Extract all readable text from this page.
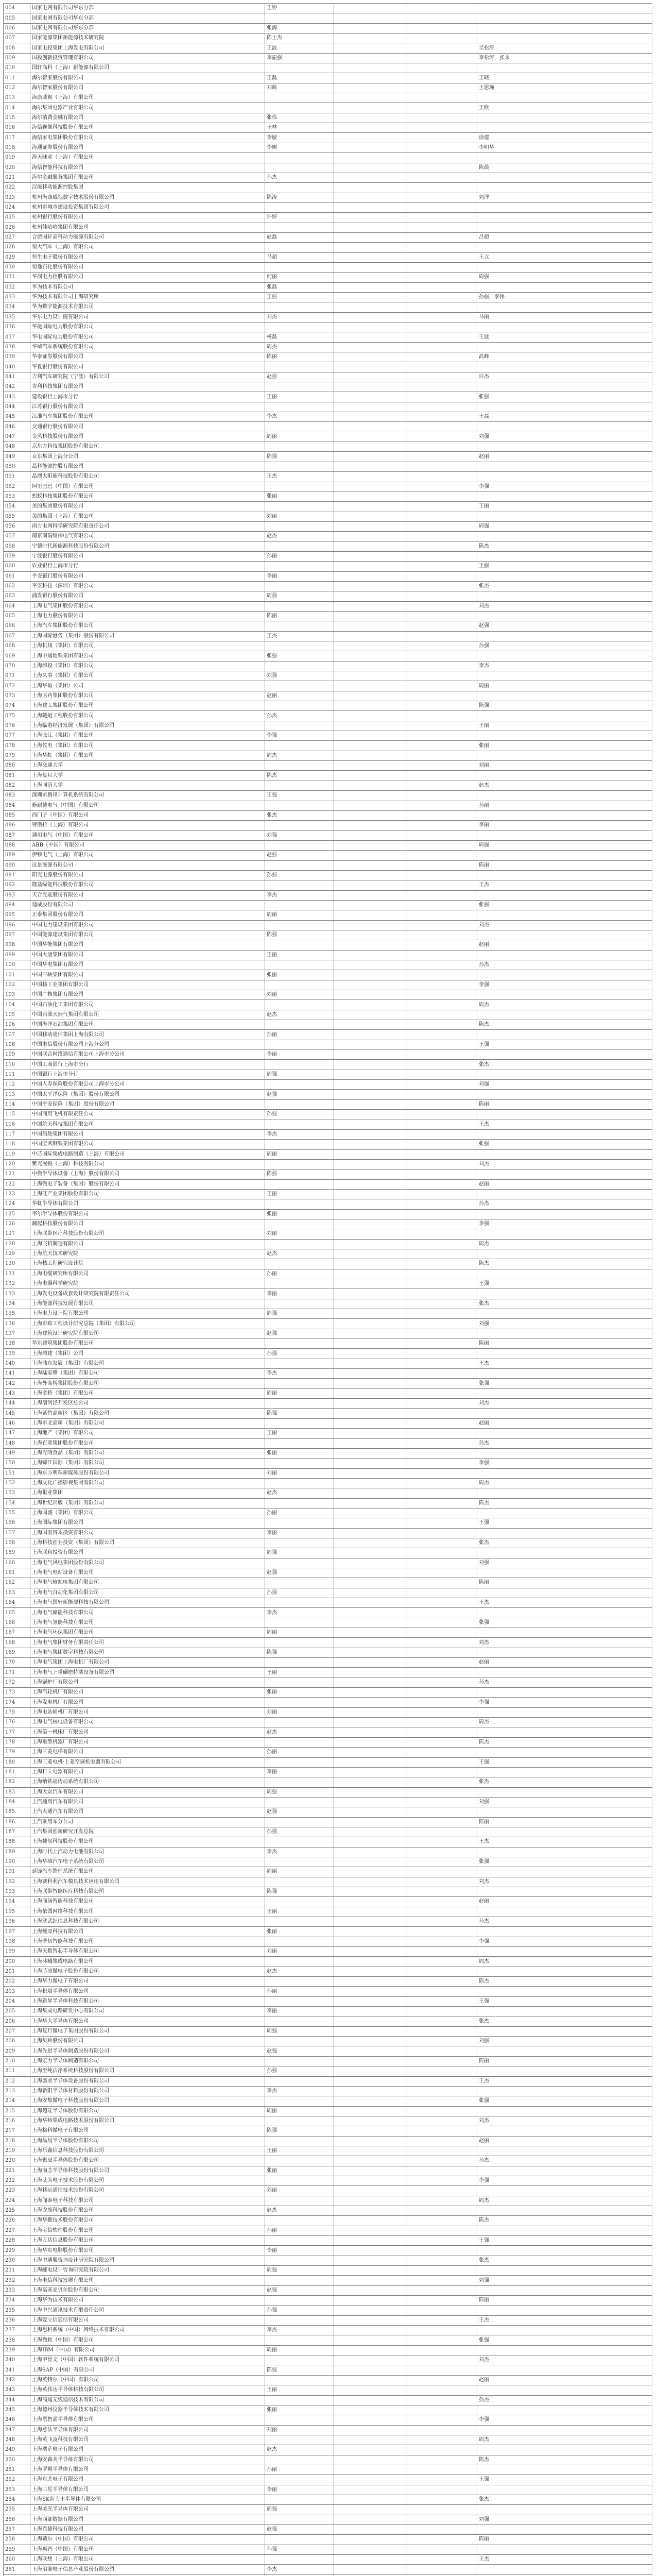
004	国家电网有限公司华东分部	王婷			
005	国家电网有限公司华东分部				
006	国家电网有限公司华东分部	张海			
007	国家能源集团新能源技术研究院	陈士杰			
008	国家电投集团上海发电有限公司	王波			吴松涛
009	国投创新投资管理有限公司	李振强			李松涛，张永
010	国轩高科（上海）新能源有限公司				
011	海尔智家股份有限公司	王磊			王晓
012	海尔智家股份有限公司	刘辉			王思瑾
013	海康威视（上海）有限公司				
014	海尔集团电器产业有限公司				王欣
015	海尔消费金融有限公司	张伟			
016	海信视像科技股份有限公司	王林			
017	海信家电集团股份有限公司	李敏			徐建
018	海通证券股份有限公司	李刚			李明华
019	海天味业（上海）有限公司				
020	海信智能科技有限公司				陈晨
021	海尔金融服务集团有限公司	孙杰			
022	汉能移动能源控股集团				
023	杭州海康威视数字技术股份有限公司	陈涛			刘洋
024	杭州市城市建设投资集团有限公司				
025	杭州银行股份有限公司	许婷			
026	杭州娃哈哈集团有限公司				
027	合肥国轩高科动力能源有限公司	赵磊			吕超
028	恒大汽车（上海）有限公司				
029	恒生电子股份有限公司	马超			王立
030	恒逸石化股份有限公司				
031	华润电力控股有限公司	何丽			周强
032	华为技术有限公司	张磊			
033	华为技术有限公司上海研究所	王强			孙强，李伟
034	华为数字能源技术有限公司				
035	华东电力设计院有限公司	刘杰			马丽
036	华能国际电力股份有限公司				
037	华电国际电力股份有限公司	杨磊			王波
038	华域汽车系统股份有限公司	周杰			
039	华泰证券股份有限公司	陈丽			高峰
040	华夏银行股份有限公司				
041	吉利汽车研究院（宁波）有限公司	赵强			许杰
042	吉利科技集团有限公司				
043	建设银行上海市分行	王丽			张强
044	江苏银行股份有限公司				
045	江淮汽车集团股份有限公司	李杰			王磊
046	交通银行股份有限公司				
047	金风科技股份有限公司	周丽			刘强
048	京东方科技集团股份有限公司				
049	京东集团上海分公司	陈强			赵丽
050	晶科能源控股有限公司				
051	晶澳太阳能科技股份有限公司	王杰			
052	阿里巴巴（中国）有限公司				李强
053	蚂蚁科技集团股份有限公司	张丽			
054	美的集团股份有限公司				王丽
055	美的集团（上海）有限公司	刘丽			
056	南方电网科学研究院有限责任公司				周强
057	南京南瑞继保电气有限公司	赵杰			
058	宁德时代新能源科技股份有限公司				陈杰
059	宁波银行股份有限公司	孙丽			
060	农业银行上海市分行				王强
061	平安银行股份有限公司	李丽			
062	平安科技（深圳）有限公司				张杰
063	浦发银行股份有限公司	周强			
064	上海电气集团股份有限公司				刘杰
065	上海电力股份有限公司	陈丽			
066	上海汽车集团股份有限公司				赵强
067	上海国际港务（集团）股份有限公司	王杰			
068	上海机场（集团）有限公司				孙强
069	上海申通地铁集团有限公司	张强			
070	上海城投（集团）有限公司				李杰
071	上海久事（集团）有限公司	刘强			
072	上海华谊（集团）公司				周丽
073	上海医药集团股份有限公司	赵丽			
074	上海建工集团股份有限公司				陈强
075	上海隧道工程股份有限公司	孙杰			
076	上海临港经济发展（集团）有限公司				王丽
077	上海张江（集团）有限公司	李强			
078	上海仪电（集团）有限公司				张丽
079	上海华虹（集团）有限公司	周杰			
080	上海交通大学				刘丽
081	上海复旦大学	陈杰			
082	上海同济大学				赵杰
083	深圳市腾讯计算机系统有限公司	王强			
084	施耐德电气（中国）有限公司				孙丽
085	西门子（中国）有限公司	张杰			
086	特斯拉（上海）有限公司				李丽
087	通用电气（中国）有限公司	刘强			
088	ABB（中国）有限公司				周强
089	伊顿电气（上海）有限公司	赵强			
090	远景能源有限公司				陈丽
091	阳光电源股份有限公司	孙强			
092	隆基绿能科技股份有限公司				王杰
093	天合光能股份有限公司	李杰			
094	通威股份有限公司				张强
095	正泰集团股份有限公司	周丽			
096	中国电力建设集团有限公司				刘杰
097	中国能源建设集团有限公司	陈强			
098	中国华能集团有限公司				赵丽
099	中国大唐集团有限公司	王丽			
100	中国华电集团有限公司				孙杰
101	中国三峡集团有限公司	张丽			
102	中国核工业集团有限公司				李强
103	中国广核集团有限公司	刘丽			
104	中国石油化工集团有限公司				周杰
105	中国石油天然气集团有限公司	赵杰			
106	中国海洋石油集团有限公司				陈杰
107	中国移动通信集团上海有限公司	孙丽			
108	中国电信股份有限公司上海分公司				王强
109	中国联合网络通信有限公司上海市分公司	李丽			
110	中国工商银行上海市分行				张杰
111	中国银行上海市分行	周强			
112	中国人寿保险股份有限公司上海市分公司				刘强
113	中国太平洋保险（集团）股份有限公司	赵强			
114	中国平安保险（集团）股份有限公司				陈丽
115	中国商用飞机有限责任公司	孙强			
116	中国航天科技集团有限公司				王杰
117	中国船舶集团有限公司	李杰			
118	中国宝武钢铁集团有限公司				张强
119	中芯国际集成电路制造（上海）有限公司	周丽			
120	紫光展锐（上海）科技有限公司				刘杰
121	中微半导体设备（上海）股份有限公司	陈强			
122	上海微电子装备（集团）股份有限公司				赵丽
123	上海硅产业集团股份有限公司	王丽			
124	华虹半导体有限公司				孙杰
125	韦尔半导体股份有限公司	张丽			
126	澜起科技股份有限公司				李强
127	上海联影医疗科技股份有限公司	刘丽			
128	上海飞机制造有限公司				周杰
129	上海航天技术研究院	赵杰			
130	上海核工程研究设计院				陈杰
131	上海电缆研究所有限公司	孙丽			
132	上海电器科学研究院				王强
133	上海发电设备成套设计研究院有限责任公司	李丽			
134	上海能源科技发展有限公司				张杰
135	上海电力设计院有限公司	周强			
136	上海市政工程设计研究总院（集团）有限公司				刘强
137	上海建筑设计研究院有限公司	赵强			
138	华东建筑集团股份有限公司				陈丽
139	上海城建（集团）公司	孙强			
140	上海浦东发展（集团）有限公司				王杰
141	上海陆家嘴（集团）有限公司	李杰			
142	上海外高桥集团股份有限公司				张强
143	上海金桥（集团）有限公司	周丽			
144	上海漕河泾开发区总公司				刘杰
145	上海紫竹高新区（集团）有限公司	陈强			
146	上海市北高新（集团）有限公司				赵丽
147	上海地产（集团）有限公司	王丽			
148	上海百联集团股份有限公司				孙杰
149	上海光明食品（集团）有限公司	张丽			
150	上海锦江国际（集团）有限公司				李强
151	上海东方明珠新媒体股份有限公司	刘丽			
152	上海文化广播影视集团有限公司				周杰
153	上海报业集团	赵杰			
154	上海世纪出版（集团）有限公司				陈杰
155	上海国盛（集团）有限公司	孙丽			
156	上海国际集团有限公司				王强
157	上海国有资本投资有限公司	李丽			
158	上海科技创业投资（集团）有限公司				张杰
159	上海联和投资有限公司	周强			
160	上海电气风电集团股份有限公司				刘强
161	上海电气电站设备有限公司	赵强			
162	上海电气输配电集团有限公司				陈丽
163	上海电气自动化集团有限公司	孙强			
164	上海电气国轩新能源科技有限公司				王杰
165	上海电气储能科技有限公司	李杰			
166	上海电气氢能科技有限公司				张强
167	上海电气环保集团有限公司	周丽			
168	上海电气集团财务有限责任公司				刘杰
169	上海电气集团数字科技有限公司	陈强			
170	上海电气集团上海电机厂有限公司				赵丽
171	上海电气上重碾磨特装设备有限公司	王丽			
172	上海锅炉厂有限公司				孙杰
173	上海汽轮机厂有限公司	张丽			
174	上海发电机厂有限公司				李强
175	上海电站辅机厂有限公司	刘丽			
176	上海电气核电设备有限公司				周杰
177	上海第一机床厂有限公司	赵杰			
178	上海重型机器厂有限公司				陈杰
179	上海三菱电梯有限公司	孙丽			
180	上海三菱电机·上菱空调机电器有限公司				王强
181	上海日立电器有限公司	李丽			
182	上海纳铁福传动系统有限公司				张杰
183	上海大众汽车有限公司	周强			
184	上汽通用汽车有限公司				刘强
185	上汽大通汽车有限公司	赵强			
186	上汽乘用车分公司				陈丽
187	上汽集团创新研究开发总院	孙强			
188	上海捷氢科技股份有限公司				王杰
189	上海时代上汽动力电池有限公司	李杰			
190	上海华域汽车电子系统有限公司				张强
191	延锋汽车饰件系统有限公司	周丽			
192	上海赛科利汽车模具技术应用有限公司				刘杰
193	上海联影智能医疗科技有限公司	陈强			
194	上海商汤智能科技有限公司				赵丽
195	上海依图网络科技有限公司	王丽			
196	上海寒武纪信息科技有限公司				孙杰
197	上海燧原科技有限公司	张丽			
198	上海壁仞智能科技有限公司				李强
199	上海天数智芯半导体有限公司	刘丽			
200	上海沐曦集成电路有限公司				周杰
201	上海芯原微电子股份有限公司	赵杰			
202	上海华力微电子有限公司				陈杰
203	上海积塔半导体有限公司	孙丽			
204	上海新昇半导体科技有限公司				王强
205	上海集成电路研发中心有限公司	李丽			
206	上海华大半导体有限公司				张杰
207	上海复旦微电子集团股份有限公司	周强			
208	上海贝岭股份有限公司				刘强
209	上海先进半导体制造股份有限公司	赵强			
210	上海宏力半导体制造有限公司				陈丽
211	上海至纯洁净系统科技股份有限公司	孙强			
212	上海盛美半导体设备股份有限公司				王杰
213	上海新阳半导体材料股份有限公司	李杰			
214	上海安集微电子科技股份有限公司				张强
215	上海超硅半导体股份有限公司	周丽			
216	上海华岭集成电路技术股份有限公司				刘杰
217	上海格科微电子有限公司	陈强			
218	上海晶晨半导体股份有限公司				赵丽
219	上海乐鑫信息科技股份有限公司	王丽			
220	上海聚辰半导体股份有限公司				孙杰
221	上海南芯半导体科技股份有限公司	张丽			
222	上海艾为电子技术股份有限公司				李强
223	上海移远通信技术股份有限公司	刘丽			
224	上海闻泰电子科技有限公司				周杰
225	上海龙旗科技股份有限公司	赵杰			
226	上海华勤技术股份有限公司				陈杰
227	上海宝信软件股份有限公司	孙丽			
228	上海万达信息股份有限公司				王强
229	上海华东电脑股份有限公司	李丽			
230	上海中通服咨询设计研究院有限公司				张杰
231	上海邮电设计咨询研究院有限公司	周强			
232	上海电信科技发展有限公司				刘强
233	上海诺基亚贝尔股份有限公司	赵强			
234	上海华为技术有限公司				陈丽
235	上海中兴通讯技术有限责任公司	孙强			
236	上海爱立信通信有限公司				王杰
237	上海思科系统（中国）网络技术有限公司	李杰			
238	上海微软（中国）有限公司				张强
239	上海IBM（中国）有限公司	周丽			
240	上海甲骨文（中国）软件系统有限公司				刘杰
241	上海SAP（中国）有限公司	陈强			
242	上海英特尔（中国）有限公司				赵丽
243	上海英伟达半导体科技有限公司	王丽			
244	上海高通无线通信技术有限公司				孙杰
245	上海德州仪器半导体技术有限公司	张丽			
246	上海恩智浦半导体有限公司				李强
247	上海意法半导体有限公司	刘丽			
248	上海英飞凌科技有限公司				周杰
249	上海瑞萨电子有限公司	赵杰			
250	上海安森美半导体有限公司				陈杰
251	上海罗姆半导体有限公司	孙丽			
252	上海东芝电子有限公司				王强
253	上海三星半导体有限公司	李丽			
254	上海SK海力士半导体有限公司				张杰
255	上海美光半导体有限公司	周强			
256	上海西部数据有限公司				刘强
257	上海希捷科技有限公司	赵强			
258	上海戴尔（中国）有限公司				陈丽
259	上海惠普（中国）有限公司	孙强			
260	上海联想（上海）有限公司				王杰
261	上海浪潮电子信息产业股份有限公司	李杰			
